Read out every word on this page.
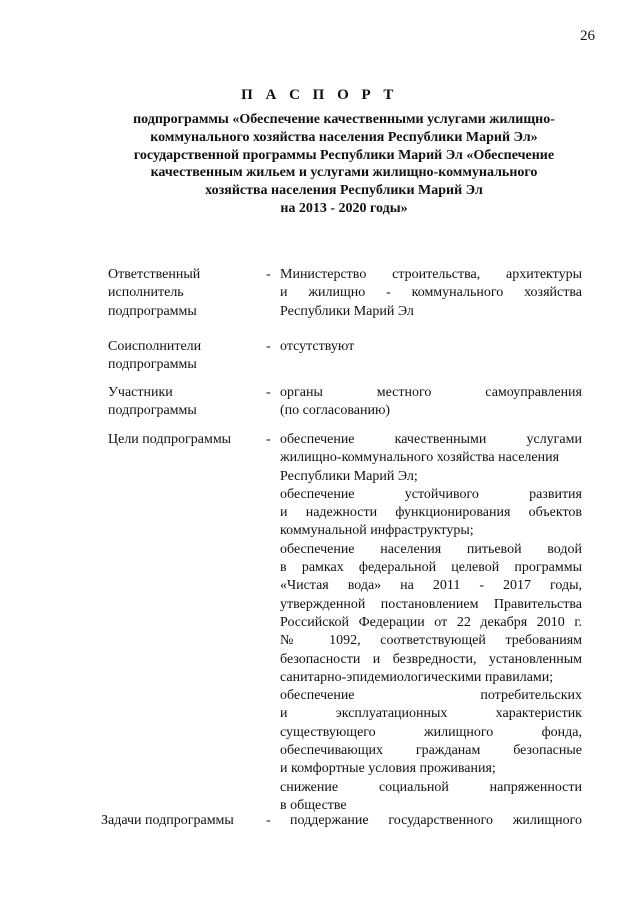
26
П А С П О Р Т
подпрограммы «Обеспечение качественными услугами жилищно-
коммунального хозяйства населения Республики Марий Эл»
государственной программы Республики Марий Эл «Обеспечение
качественным жильем и услугами жилищно-коммунального
хозяйства населения Республики Марий Эл
на 2013 - 2020 годы»
Ответственный
исполнитель
подпрограммы
- Министерство строительства, архитектуры
и жилищно - коммунального хозяйства
Республики Марий Эл
Соисполнители
подпрограммы
- отсутствуют
Участники
подпрограммы
- органы местного самоуправления
(по согласованию)
Цели подпрограммы	- обеспечение качественными услугами
жилищно-коммунального хозяйства населения
Республики Марий Эл;
обеспечение устойчивого развития
и надежности функционирования объектов
коммунальной инфраструктуры;
обеспечение населения питьевой водой
в рамках федеральной целевой программы
«Чистая вода» на 2011 - 2017 годы,
утвержденной постановлением Правительства
Российской Федерации от 22 декабря 2010 г.
№ 1092, соответствующей требованиям
безопасности и безвредности, установленным
санитарно-эпидемиологическими правилами;
обеспечение потребительских
и эксплуатационных характеристик
существующего жилищного фонда,
обеспечивающих гражданам безопасные
и комфортные условия проживания;
снижение социальной напряженности
в обществе
Задачи подпрограммы	- поддержание государственного жилищного
